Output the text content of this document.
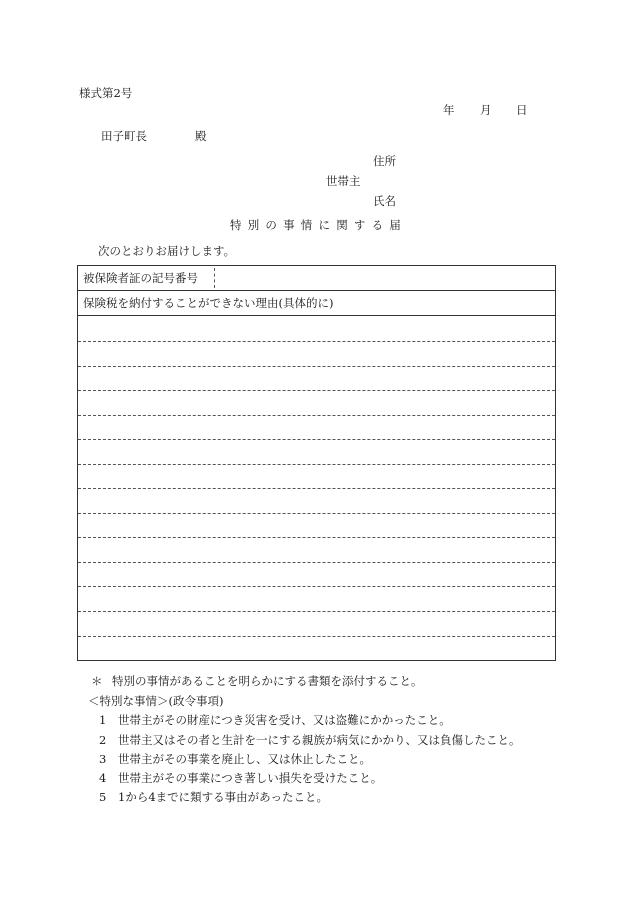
様式第2号
年 月 日
田子町長	殿
住所
世帯主
氏名
特別の事情に関する届
次のとおりお届けします。
被保険者証の記号番号
保険税を納付することができない理由(具体的に)
＊ 特別の事情があることを明らかにする書類を添付すること。
＜特別な事情＞(政令事項)
1 世帯主がその財産につき災害を受け、又は盗難にかかったこと。
2 世帯主又はその者と生計を一にする親族が病気にかかり、又は負傷したこと。
3 世帯主がその事業を廃止し、又は休止したこと。
4 世帯主がその事業につき著しい損失を受けたこと。
5 1から4までに類する事由があったこと。
